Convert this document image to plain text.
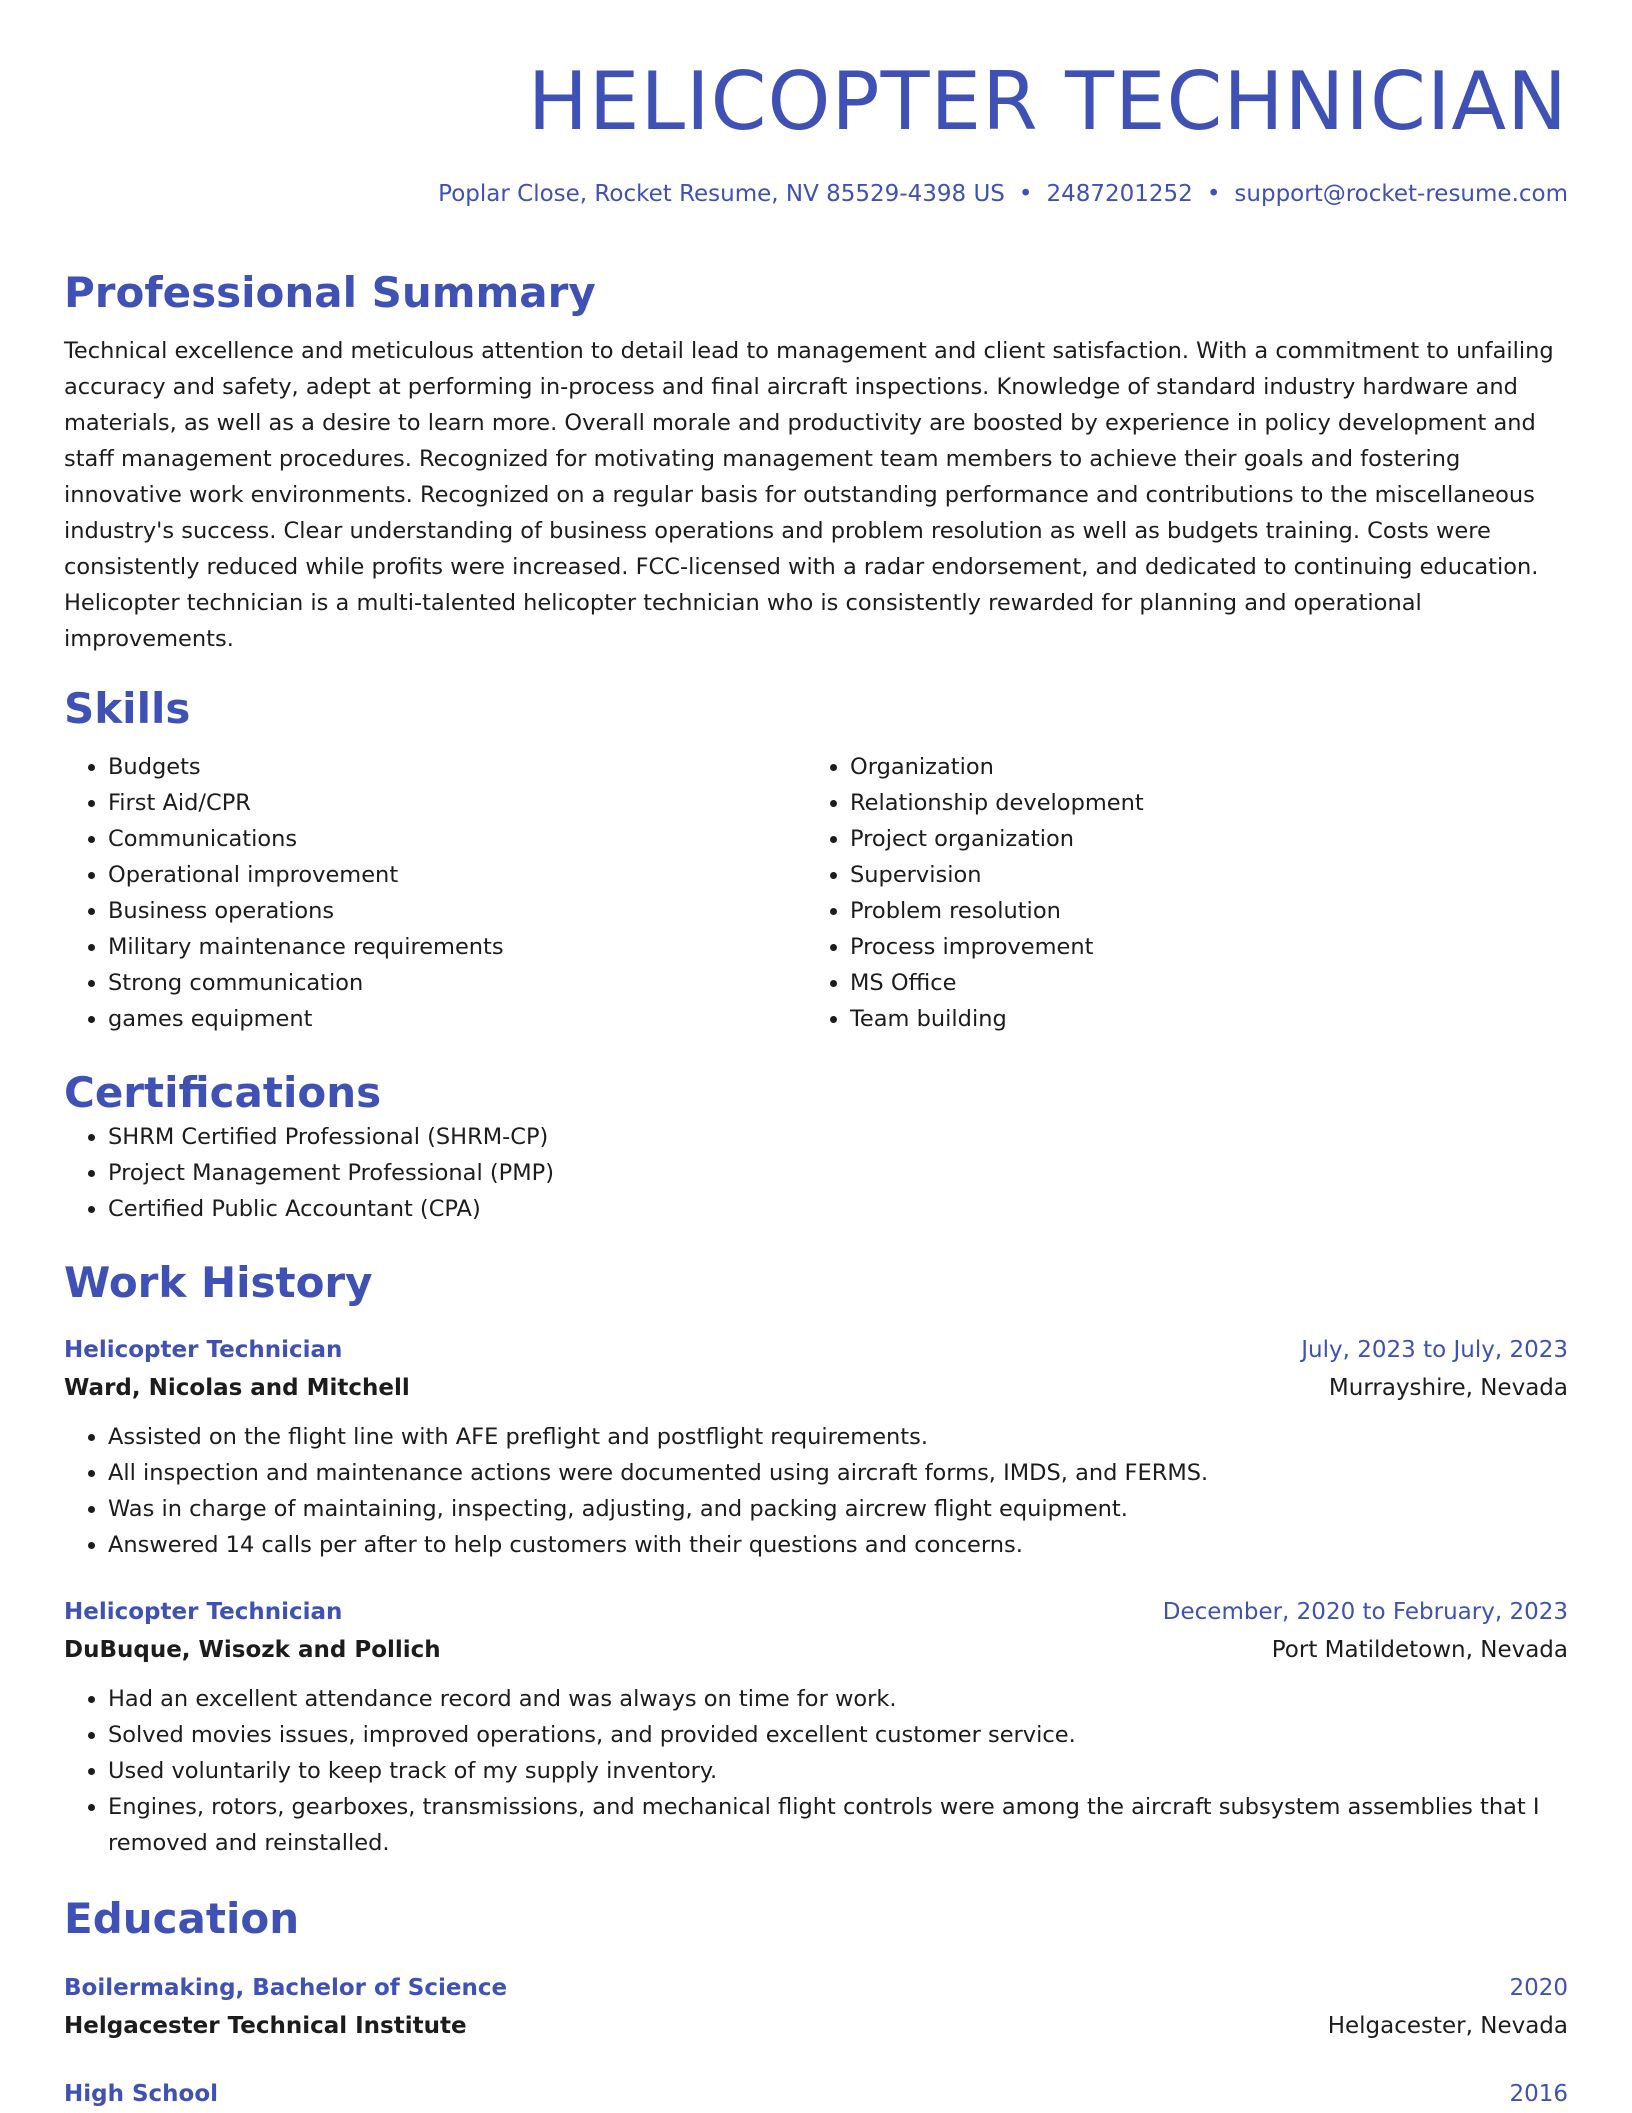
HELICOPTER TECHNICIAN
Poplar Close, Rocket Resume, NV 85529-4398 US • 2487201252 • support@rocket-resume.com
Professional Summary
Technical excellence and meticulous attention to detail lead to management and client satisfaction. With a commitment to unfailing accuracy and safety, adept at performing in-process and final aircraft inspections. Knowledge of standard industry hardware and materials, as well as a desire to learn more. Overall morale and productivity are boosted by experience in policy development and staff management procedures. Recognized for motivating management team members to achieve their goals and fostering innovative work environments. Recognized on a regular basis for outstanding performance and contributions to the miscellaneous industry's success. Clear understanding of business operations and problem resolution as well as budgets training. Costs were consistently reduced while profits were increased. FCC-licensed with a radar endorsement, and dedicated to continuing education. Helicopter technician is a multi-talented helicopter technician who is consistently rewarded for planning and operational improvements.
Skills
• Budgets
• First Aid/CPR
• Communications
• Operational improvement
• Business operations
• Military maintenance requirements
• Strong communication
• games equipment
• Organization
• Relationship development
• Project organization
• Supervision
• Problem resolution
• Process improvement
• MS Office
• Team building
Certifications
• SHRM Certified Professional (SHRM-CP)
• Project Management Professional (PMP)
• Certified Public Accountant (CPA)
Work History
Helicopter Technician	July, 2023 to July, 2023
Ward, Nicolas and Mitchell	Murrayshire, Nevada
• Assisted on the flight line with AFE preflight and postflight requirements.
• All inspection and maintenance actions were documented using aircraft forms, IMDS, and FERMS.
• Was in charge of maintaining, inspecting, adjusting, and packing aircrew flight equipment.
• Answered 14 calls per after to help customers with their questions and concerns.
Helicopter Technician	December, 2020 to February, 2023
DuBuque, Wisozk and Pollich	Port Matildetown, Nevada
• Had an excellent attendance record and was always on time for work.
• Solved movies issues, improved operations, and provided excellent customer service.
• Used voluntarily to keep track of my supply inventory.
• Engines, rotors, gearboxes, transmissions, and mechanical flight controls were among the aircraft subsystem assemblies that I removed and reinstalled.
Education
Boilermaking, Bachelor of Science	2020
Helgacester Technical Institute	Helgacester, Nevada
High School	2016
